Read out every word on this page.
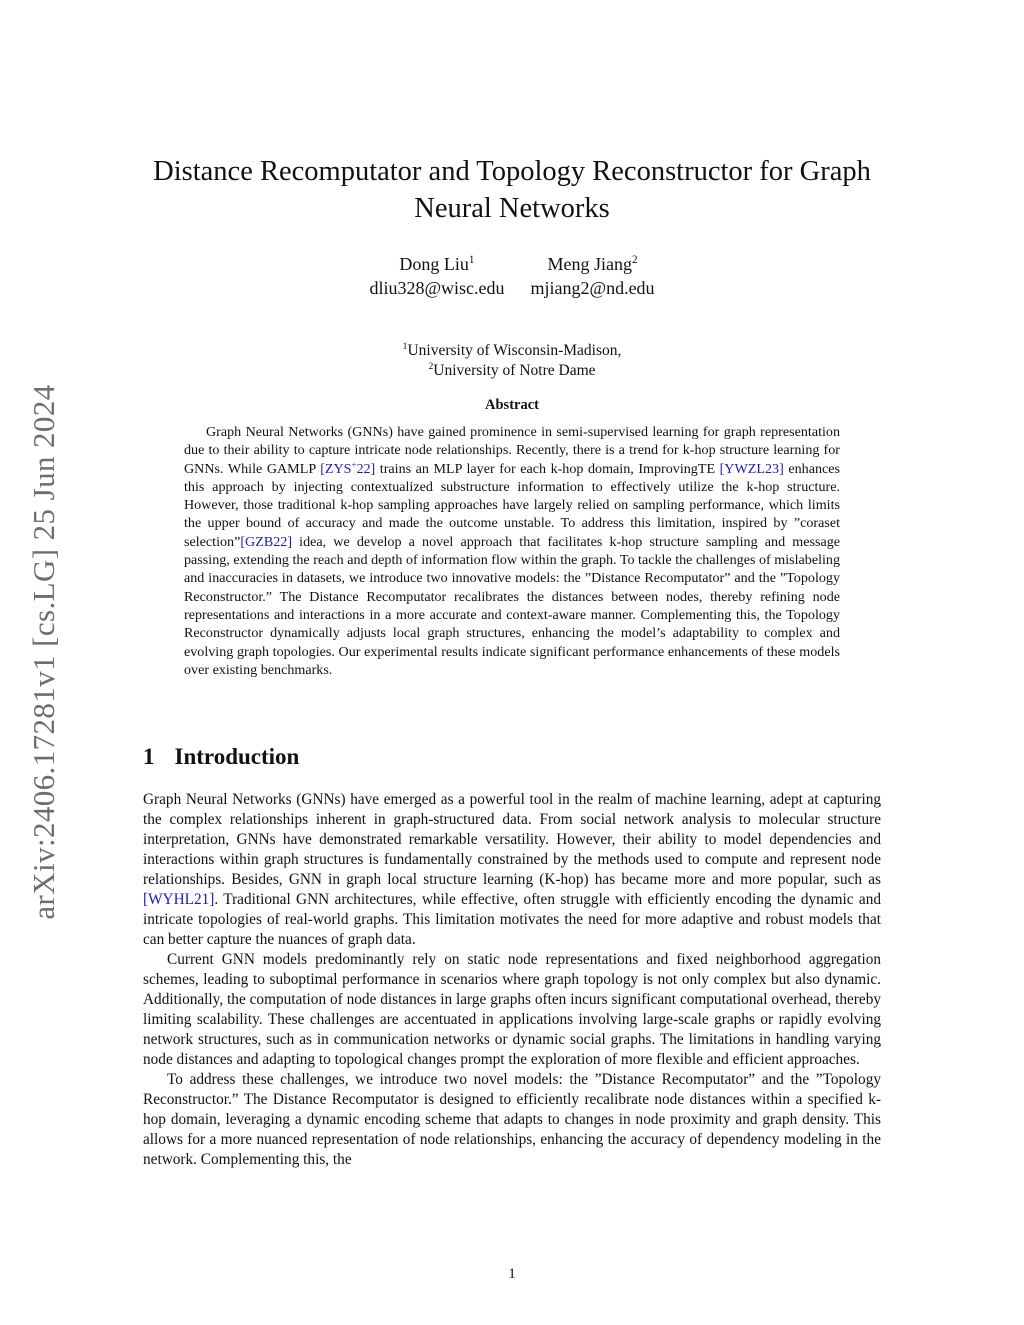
arXiv:2406.17281v1 [cs.LG] 25 Jun 2024
Distance Recomputator and Topology Reconstructor for Graph Neural Networks
Dong Liu$^1$
dliu328@wisc.edu
Meng Jiang$^2$
mjiang2@nd.edu
$^1$University of Wisconsin-Madison,
$^2$University of Notre Dame
Abstract

Graph Neural Networks (GNNs) have gained prominence in semi-supervised learning for graph representation due to their ability to capture intricate node relationships. Recently, there is a trend for k-hop structure learning for GNNs. While GAMLP [ZYS+22] trains an MLP layer for each k-hop domain, ImprovingTE [YWZL23] enhances this approach by injecting contextualized substructure information to effectively utilize the k-hop structure. However, those traditional k-hop sampling approaches have largely relied on sampling performance, which limits the upper bound of accuracy and made the outcome unstable. To address this limitation, inspired by ”coraset selection”[GZB22] idea, we develop a novel approach that facilitates k-hop structure sampling and message passing, extending the reach and depth of information flow within the graph. To tackle the challenges of mislabeling and inaccuracies in datasets, we introduce two innovative models: the ”Distance Recomputator” and the ”Topology Reconstructor.” The Distance Recomputator recalibrates the distances between nodes, thereby refining node representations and interactions in a more accurate and context-aware manner. Complementing this, the Topology Reconstructor dynamically adjusts local graph structures, enhancing the model’s adaptability to complex and evolving graph topologies. Our experimental results indicate significant performance enhancements of these models over existing benchmarks.

1 Introduction

Graph Neural Networks (GNNs) have emerged as a powerful tool in the realm of machine learning, adept at capturing the complex relationships inherent in graph-structured data. From social network analysis to molecular structure interpretation, GNNs have demonstrated remarkable versatility. However, their ability to model dependencies and interactions within graph structures is fundamentally constrained by the methods used to compute and represent node relationships. Besides, GNN in graph local structure learning (K-hop) has became more and more popular, such as [WYHL21]. Traditional GNN architectures, while effective, often struggle with efficiently encoding the dynamic and intricate topologies of real-world graphs. This limitation motivates the need for more adaptive and robust models that can better capture the nuances of graph data.

Current GNN models predominantly rely on static node representations and fixed neighborhood aggregation schemes, leading to suboptimal performance in scenarios where graph topology is not only complex but also dynamic. Additionally, the computation of node distances in large graphs often incurs significant computational overhead, thereby limiting scalability. These challenges are accentuated in applications involving large-scale graphs or rapidly evolving network structures, such as in communication networks or dynamic social graphs. The limitations in handling varying node distances and adapting to topological changes prompt the exploration of more flexible and efficient approaches.

To address these challenges, we introduce two novel models: the ”Distance Recomputator” and the ”Topology Reconstructor.” The Distance Recomputator is designed to efficiently recalibrate node distances within a specified k-hop domain, leveraging a dynamic encoding scheme that adapts to changes in node proximity and graph density. This allows for a more nuanced representation of node relationships, enhancing the accuracy of dependency modeling in the network. Complementing this, the

1
